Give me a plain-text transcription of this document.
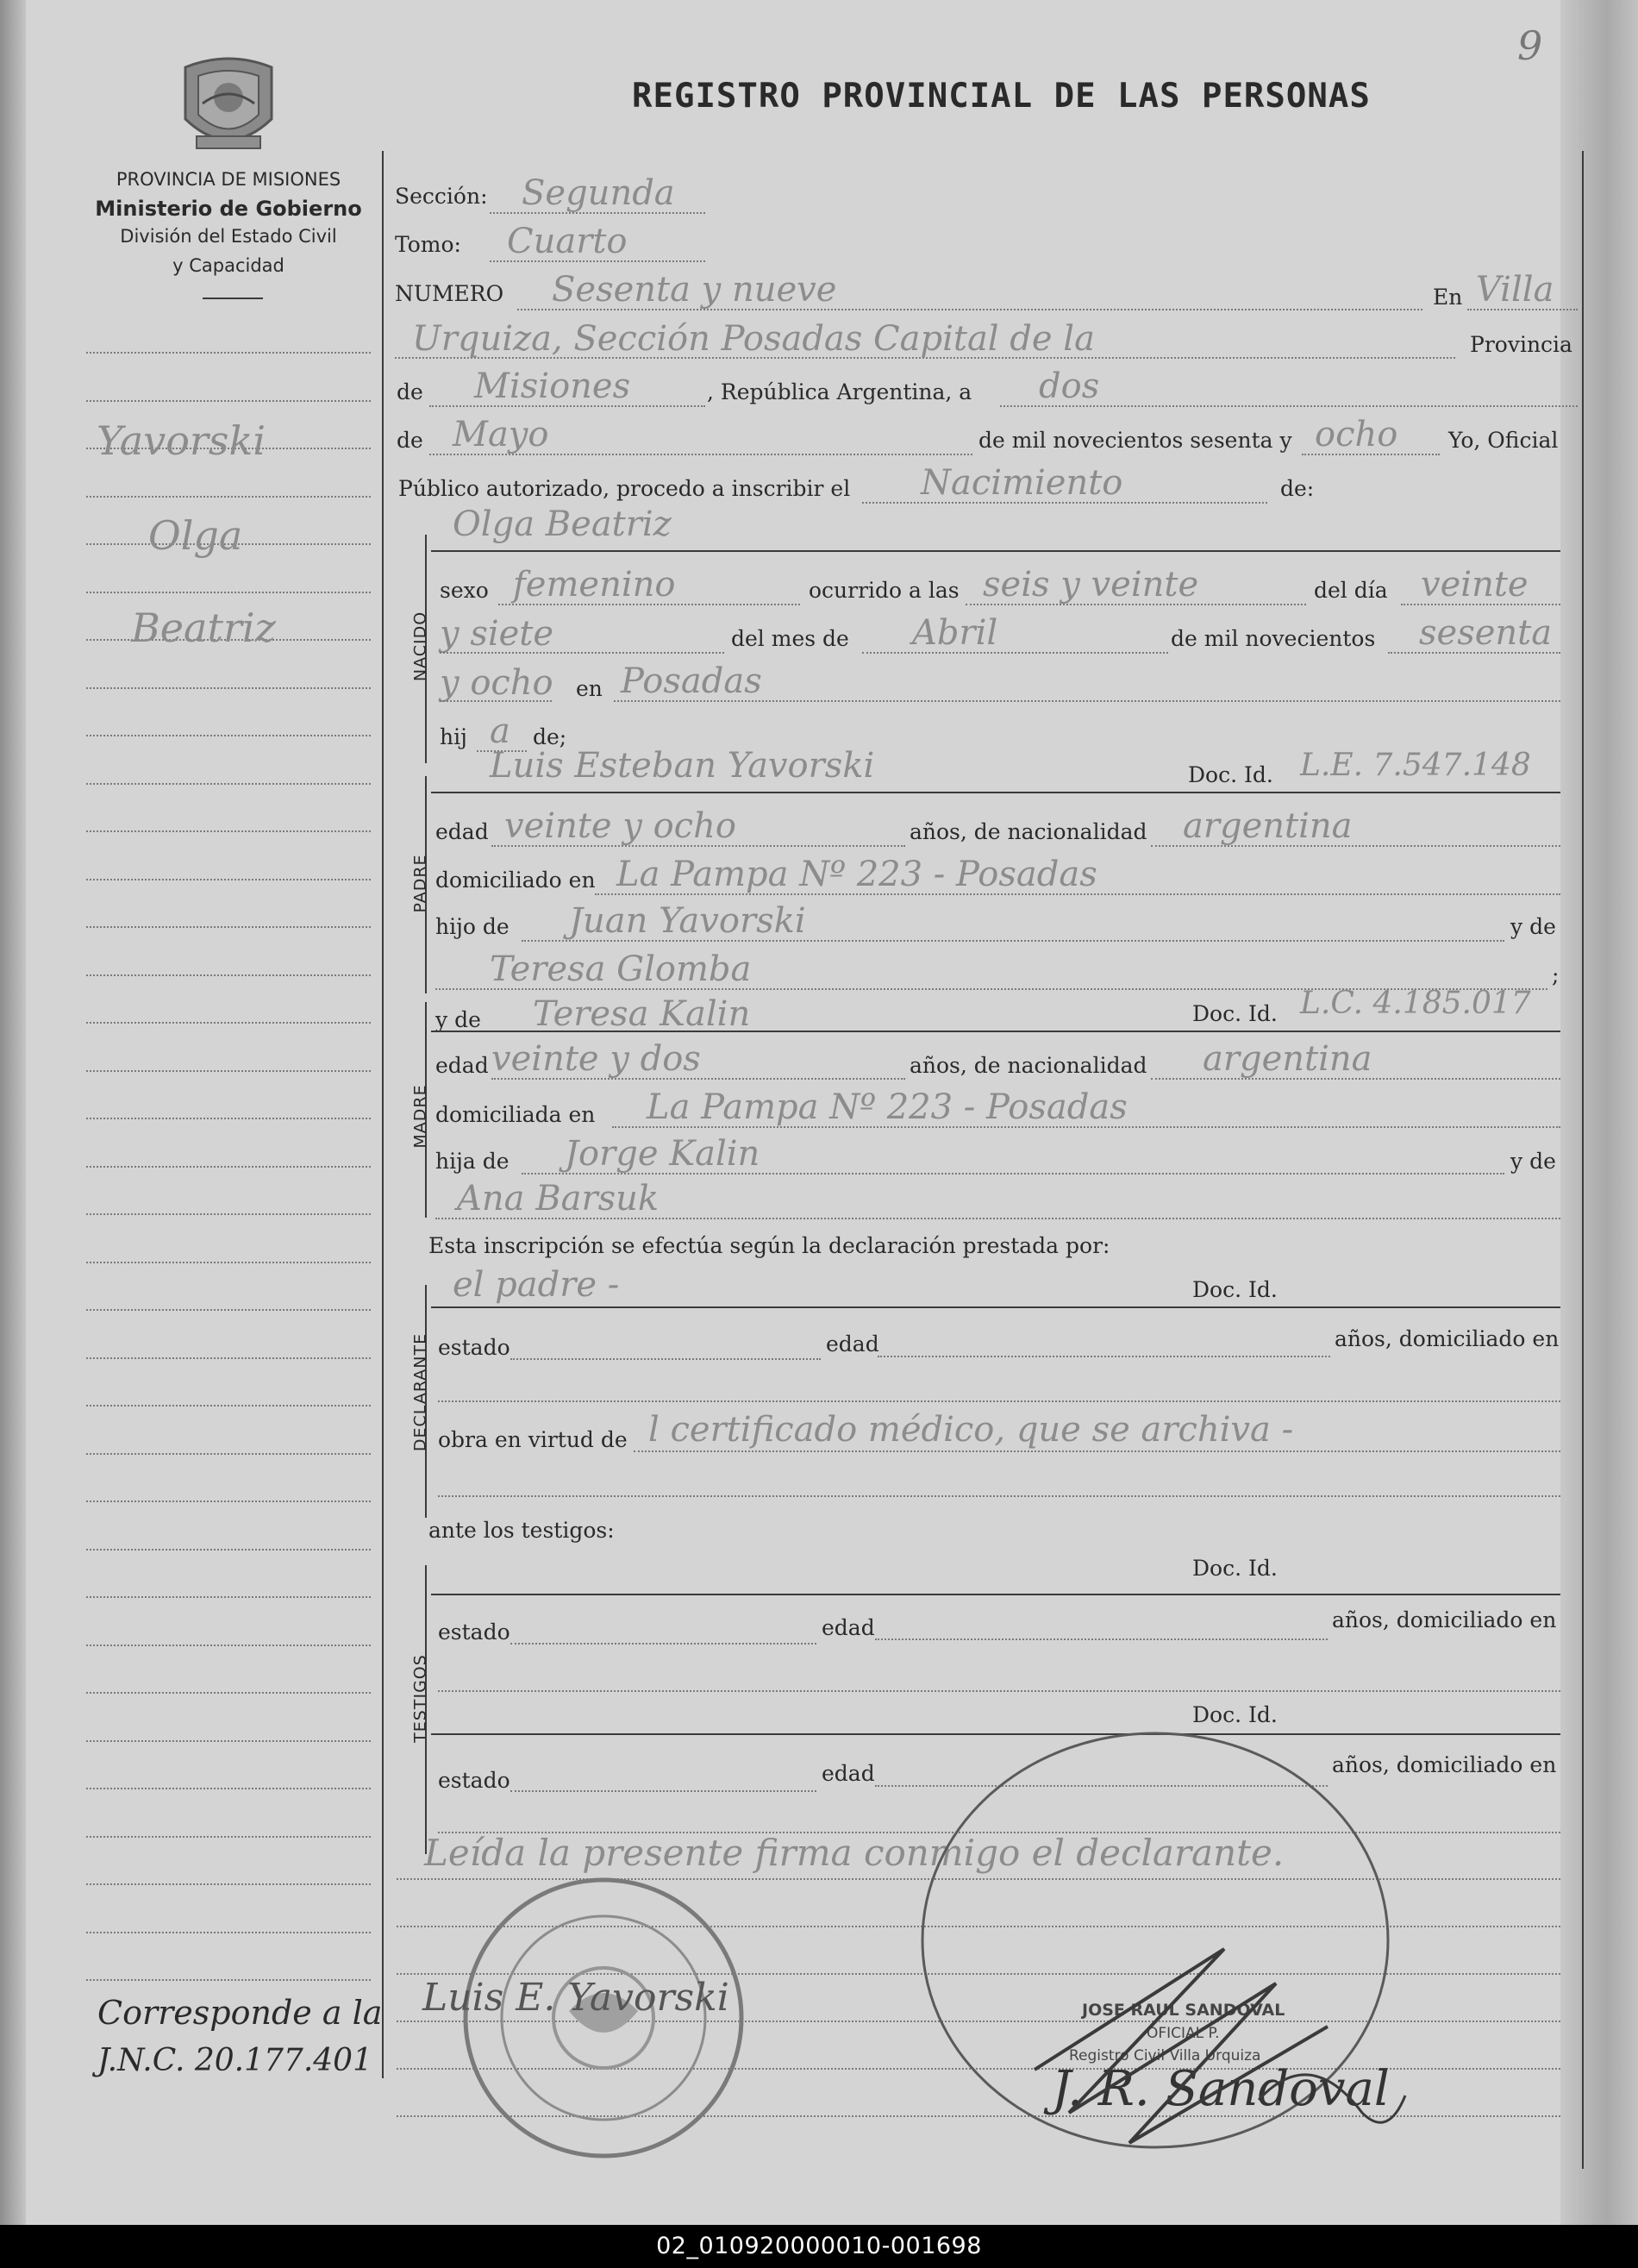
9
PROVINCIA DE MISIONES
Ministerio de Gobierno
División del Estado Civil
y Capacidad
REGISTRO PROVINCIAL DE LAS PERSONAS
Yavorski
Olga
Beatriz
Corresponde a la
J.N.C. 20.177.401
Sección: Segunda
Tomo: Cuarto
NUMERO Sesenta y nueve	En Villa
Urquiza, Sección Posadas Capital de la	Provincia
de Misiones	, República Argentina, a dos
de Mayo	de mil novecientos sesenta y ocho Yo, Oficial
Público autorizado, procedo a inscribir el Nacimiento	de:
NACIDO
Olga Beatriz
sexo femenino	ocurrido a las seis y veinte	del día veinte
y siete	del mes de Abril	de mil novecientos sesenta
y ocho en Posadas
hij a de;
PADRE
Luis Esteban Yavorski	Doc. Id. L.E. 7.547.148
edad veinte y ocho	años, de nacionalidad argentina
domiciliado en La Pampa Nº 223 - Posadas
hijo de Juan Yavorski	y de
Teresa Glomba	;
MADRE
y de Teresa Kalin	Doc. Id. L.C. 4.185.017
edad veinte y dos	años, de nacionalidad argentina
domiciliada en La Pampa Nº 223 - Posadas
hija de Jorge Kalin	y de
Ana Barsuk
Esta inscripción se efectúa según la declaración prestada por:
DECLARANTE
el padre -	Doc. Id.
estado	edad	años, domiciliado en
obra en virtud de l certificado médico, que se archiva -
ante los testigos:
TESTIGOS
Doc. Id.
estado	edad	años, domiciliado en
Doc. Id.
estado	edad	años, domiciliado en
Leída la presente firma conmigo el declarante.
Luis E. Yavorski	JOSE RAUL SANDOVAL
OFICIAL P.
Registro Civil Villa Urquiza
J. R. Sandoval
02_010920000010-001698
